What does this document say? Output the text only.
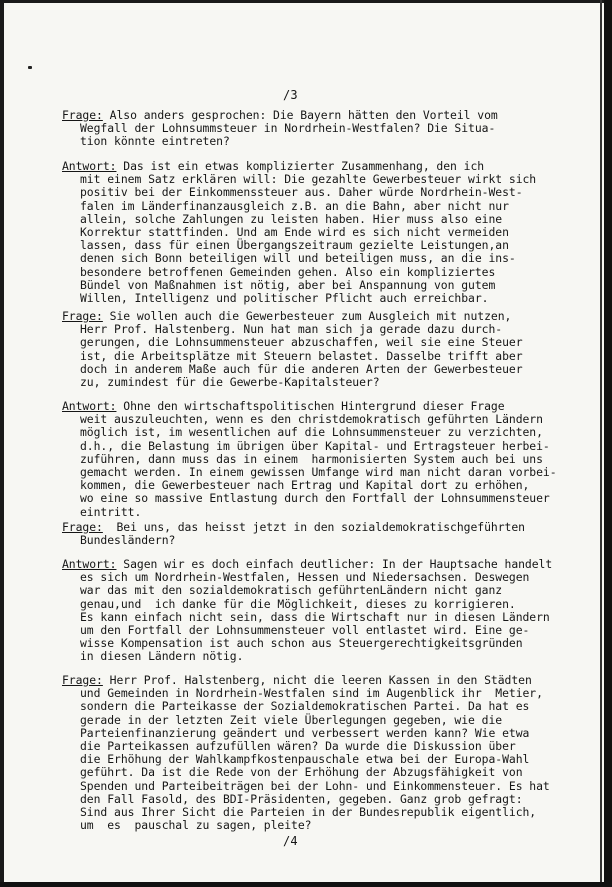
/3
Frage: Also anders gesprochen: Die Bayern hätten den Vorteil vom
Wegfall der Lohnsummsteuer in Nordrhein-Westfalen? Die Situa-
tion könnte eintreten?
Antwort: Das ist ein etwas komplizierter Zusammenhang, den ich
mit einem Satz erklären will: Die gezahlte Gewerbesteuer wirkt sich
positiv bei der Einkommenssteuer aus. Daher würde Nordrhein-West-
falen im Länderfinanzausgleich z.B. an die Bahn, aber nicht nur
allein, solche Zahlungen zu leisten haben. Hier muss also eine
Korrektur stattfinden. Und am Ende wird es sich nicht vermeiden
lassen, dass für einen Übergangszeitraum gezielte Leistungen,an
denen sich Bonn beteiligen will und beteiligen muss, an die ins-
besondere betroffenen Gemeinden gehen. Also ein kompliziertes
Bündel von Maßnahmen ist nötig, aber bei Anspannung von gutem
Willen, Intelligenz und politischer Pflicht auch erreichbar.
Frage: Sie wollen auch die Gewerbesteuer zum Ausgleich mit nutzen,
Herr Prof. Halstenberg. Nun hat man sich ja gerade dazu durch-
gerungen, die Lohnsummensteuer abzuschaffen, weil sie eine Steuer
ist, die Arbeitsplätze mit Steuern belastet. Dasselbe trifft aber
doch in anderem Maße auch für die anderen Arten der Gewerbesteuer
zu, zumindest für die Gewerbe-Kapitalsteuer?
Antwort: Ohne den wirtschaftspolitischen Hintergrund dieser Frage
weit auszuleuchten, wenn es den christdemokratisch geführten Ländern
möglich ist, im wesentlichen auf die Lohnsummensteuer zu verzichten,
d.h., die Belastung im übrigen über Kapital- und Ertragsteuer herbei-
zuführen, dann muss das in einem  harmonisierten System auch bei uns
gemacht werden. In einem gewissen Umfange wird man nicht daran vorbei-
kommen, die Gewerbesteuer nach Ertrag und Kapital dort zu erhöhen,
wo eine so massive Entlastung durch den Fortfall der Lohnsummensteuer
eintritt.
Frage:  Bei uns, das heisst jetzt in den sozialdemokratischgeführten
Bundesländern?
Antwort: Sagen wir es doch einfach deutlicher: In der Hauptsache handelt
es sich um Nordrhein-Westfalen, Hessen und Niedersachsen. Deswegen
war das mit den sozialdemokratisch geführtenLändern nicht ganz
genau,und  ich danke für die Möglichkeit, dieses zu korrigieren.
Es kann einfach nicht sein, dass die Wirtschaft nur in diesen Ländern
um den Fortfall der Lohnsummensteuer voll entlastet wird. Eine ge-
wisse Kompensation ist auch schon aus Steuergerechtigkeitsgründen
in diesen Ländern nötig.
Frage: Herr Prof. Halstenberg, nicht die leeren Kassen in den Städten
und Gemeinden in Nordrhein-Westfalen sind im Augenblick ihr  Metier,
sondern die Parteikasse der Sozialdemokratischen Partei. Da hat es
gerade in der letzten Zeit viele Überlegungen gegeben, wie die
Parteienfinanzierung geändert und verbessert werden kann? Wie etwa
die Parteikassen aufzufüllen wären? Da wurde die Diskussion über
die Erhöhung der Wahlkampfkostenpauschale etwa bei der Europa-Wahl
geführt. Da ist die Rede von der Erhöhung der Abzugsfähigkeit von
Spenden und Parteibeiträgen bei der Lohn- und Einkommensteuer. Es hat
den Fall Fasold, des BDI-Präsidenten, gegeben. Ganz grob gefragt:
Sind aus Ihrer Sicht die Parteien in der Bundesrepublik eigentlich,
um  es  pauschal zu sagen, pleite?
/4
